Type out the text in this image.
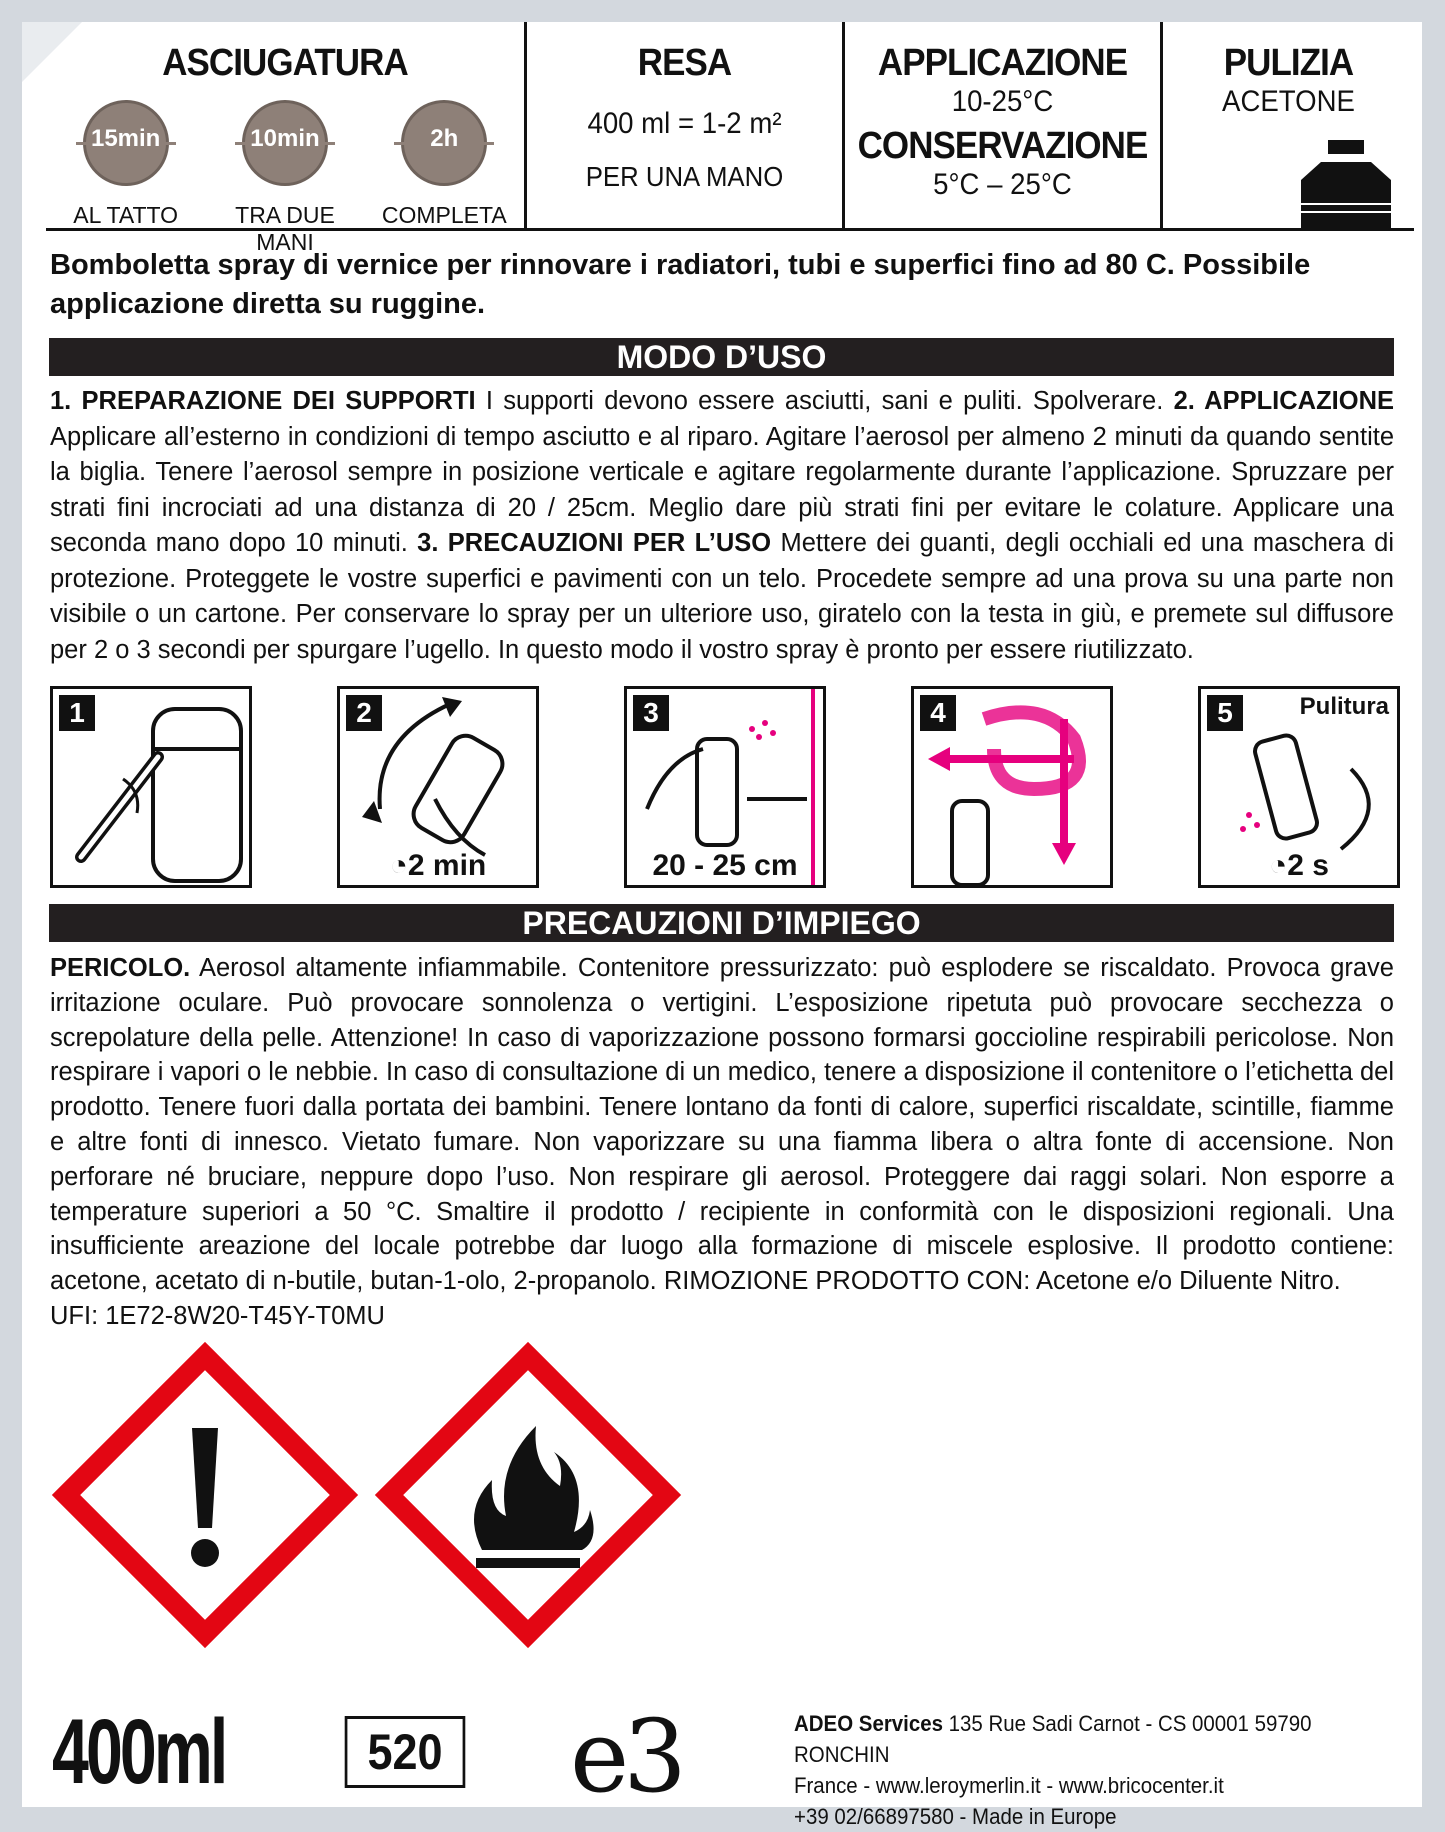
ASCIUGATURA
15min
AL TATTO
10min
TRA DUE MANI
2h
COMPLETA
RESA
400 ml = 1-2 m²
PER UNA MANO
APPLICAZIONE
10-25°C
CONSERVAZIONE
5°C – 25°C
PULIZIA
ACETONE
Bomboletta spray di vernice per rinnovare i radiatori, tubi e superfici fino ad 80 C. Possibile applicazione diretta su ruggine.
MODO D’USO
1. PREPARAZIONE DEI SUPPORTI I supporti devono essere asciutti, sani e puliti. Spolverare. 2. APPLICAZIONE Applicare all’esterno in condizioni di tempo asciutto e al riparo. Agitare l’aerosol per almeno 2 minuti da quando sentite la biglia. Tenere l’aerosol sempre in posizione verticale e agitare regolarmente durante l’applicazione. Spruzzare per strati fini incrociati ad una distanza di 20 / 25cm. Meglio dare più strati fini per evitare le colature. Applicare una seconda mano dopo 10 minuti. 3. PRECAUZIONI PER L’USO Mettere dei guanti, degli occhiali ed una maschera di protezione. Proteggete le vostre superfici e pavimenti con un telo. Procedete sempre ad una prova su una parte non visibile o un cartone. Per conservare lo spray per un ulteriore uso, giratelo con la testa in giù, e premete sul diffusore per 2 o 3 secondi per spurgare l’ugello. In questo modo il vostro spray è pronto per essere riutilizzato.
1	2
◔2 min
3
20 - 25 cm
4	5	Pulitura
◔2 s
PRECAUZIONI D’IMPIEGO
PERICOLO. Aerosol altamente infiammabile. Contenitore pressurizzato: può esplodere se riscaldato. Provoca grave irritazione oculare. Può provocare sonnolenza o vertigini. L’esposizione ripetuta può provocare secchezza o screpolature della pelle. Attenzione! In caso di vaporizzazione possono formarsi goccioline respirabili pericolose. Non respirare i vapori o le nebbie. In caso di consultazione di un medico, tenere a disposizione il contenitore o l’etichetta del prodotto. Tenere fuori dalla portata dei bambini. Tenere lontano da fonti di calore, superfici riscaldate, scintille, fiamme e altre fonti di innesco. Vietato fumare. Non vaporizzare su una fiamma libera o altra fonte di accensione. Non perforare né bruciare, neppure dopo l’uso. Non respirare gli aerosol. Proteggere dai raggi solari. Non esporre a temperature superiori a 50 °C. Smaltire il prodotto / recipiente in conformità con le disposizioni regionali. Una insufficiente areazione del locale potrebbe dar luogo alla formazione di miscele esplosive. Il prodotto contiene: acetone, acetato di n-butile, butan-1-olo, 2-propanolo. RIMOZIONE PRODOTTO CON: Acetone e/o Diluente Nitro.
UFI: 1E72-8W20-T45Y-T0MU
400ml	520 e3	ADEO Services 135 Rue Sadi Carnot - CS 00001 59790 RONCHIN
France - www.leroymerlin.it - www.bricocenter.it
+39 02/66897580 - Made in Europe
